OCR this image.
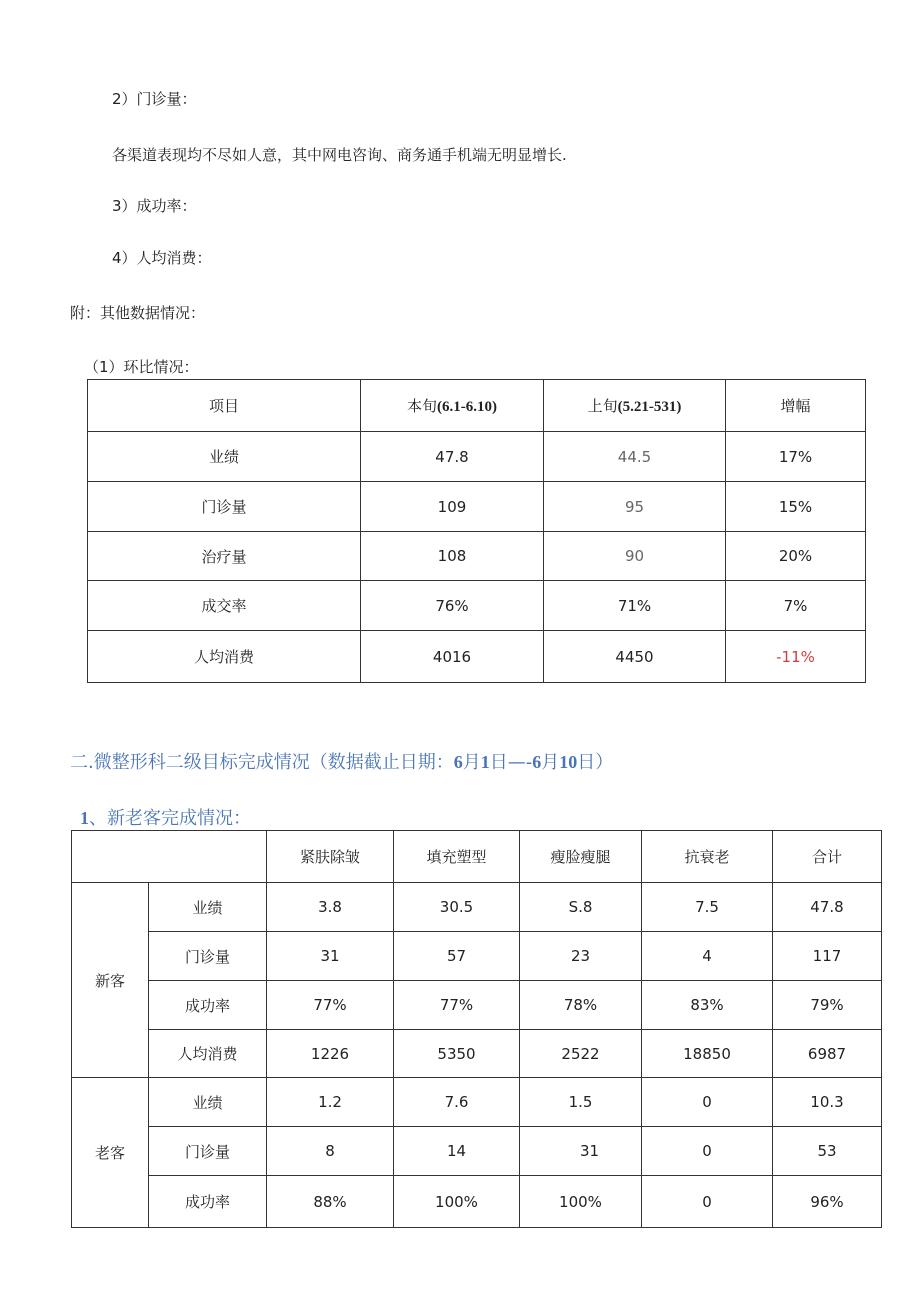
2）门诊量：
各渠道表现均不尽如人意，其中网电咨询、商务通手机端无明显增长.
3）成功率：
4）人均消费：
附：其他数据情况：
（1）环比情况：
项目	本旬(6.1-6.10)	上旬(5.21-531)	增幅
业绩	47.8	44.5	17%
门诊量	109	95	15%
治疗量	108	90	20%
成交率	76%	71%	7%
人均消费	4016	4450	-11%
二.微整形科二级目标完成情况（数据截止日期：6月1日—-6月10日）
1、新老客完成情况：
		紧肤除皱	填充塑型	瘦脸瘦腿	抗衰老	合计
新客	业绩	3.8	30.5	S.8	7.5	47.8
	门诊量	31	57	23	4	117
	成功率	77%	77%	78%	83%	79%
	人均消费	1226	5350	2522	18850	6987
老客	业绩	1.2	7.6	1.5	0	10.3
	门诊量	8	14	31	0	53
	成功率	88%	100%	100%	0	96%
